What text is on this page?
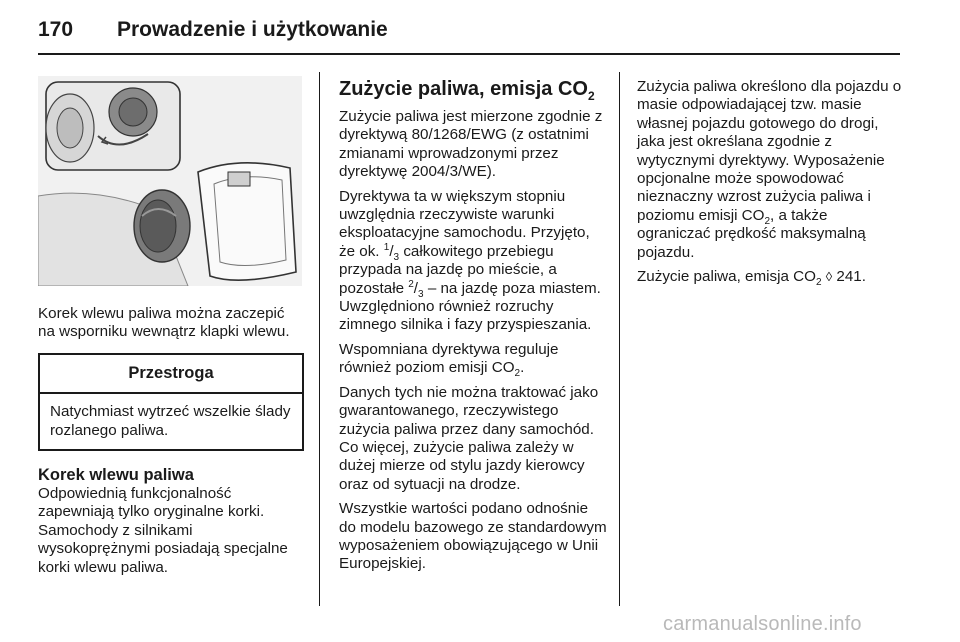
170 Prowadzenie i użytkowanie
Korek wlewu paliwa można zaczepić na wsporniku wewnątrz klapki wlewu.
Przestroga
Natychmiast wytrzeć wszelkie ślady rozlanego paliwa.
Korek wlewu paliwa
Odpowiednią funkcjonalność zapewniają tylko oryginalne korki. Samochody z silnikami wysokoprężnymi posiadają specjalne korki wlewu paliwa.
Zużycie paliwa, emisja $CO_2$

Zużycie paliwa jest mierzone zgodnie z dyrektywą 80/1268/EWG (z ostatnimi zmianami wprowadzonymi przez dyrektywę 2004/3/WE).

Dyrektywa ta w większym stopniu uwzględnia rzeczywiste warunki eksploatacyjne samochodu. Przyjęto, że ok. $^1/_3$ całkowitego przebiegu przypada na jazdę po mieście, a pozostałe $^2/_3$ – na jazdę poza miastem. Uwzględniono również rozruchy zimnego silnika i fazy przyspieszania.

Wspomniana dyrektywa reguluje również poziom emisji $CO_2$.

Danych tych nie można traktować jako gwarantowanego, rzeczywistego zużycia paliwa przez dany samochód. Co więcej, zużycie paliwa zależy w dużej mierze od stylu jazdy kierowcy oraz od sytuacji na drodze.

Wszystkie wartości podano odnośnie do modelu bazowego ze standardowym wyposażeniem obowiązującego w Unii Europejskiej.

Zużycia paliwa określono dla pojazdu o masie odpowiadającej tzw. masie własnej pojazdu gotowego do drogi, jaka jest określana zgodnie z wytycznymi dyrektywy. Wyposażenie opcjonalne może spowodować nieznaczny wzrost zużycia paliwa i poziomu emisji $CO_2$, a także ograniczać prędkość maksymalną pojazdu.

Zużycie paliwa, emisja $CO_2$ ◊ 241.

carmanualsonline.info
